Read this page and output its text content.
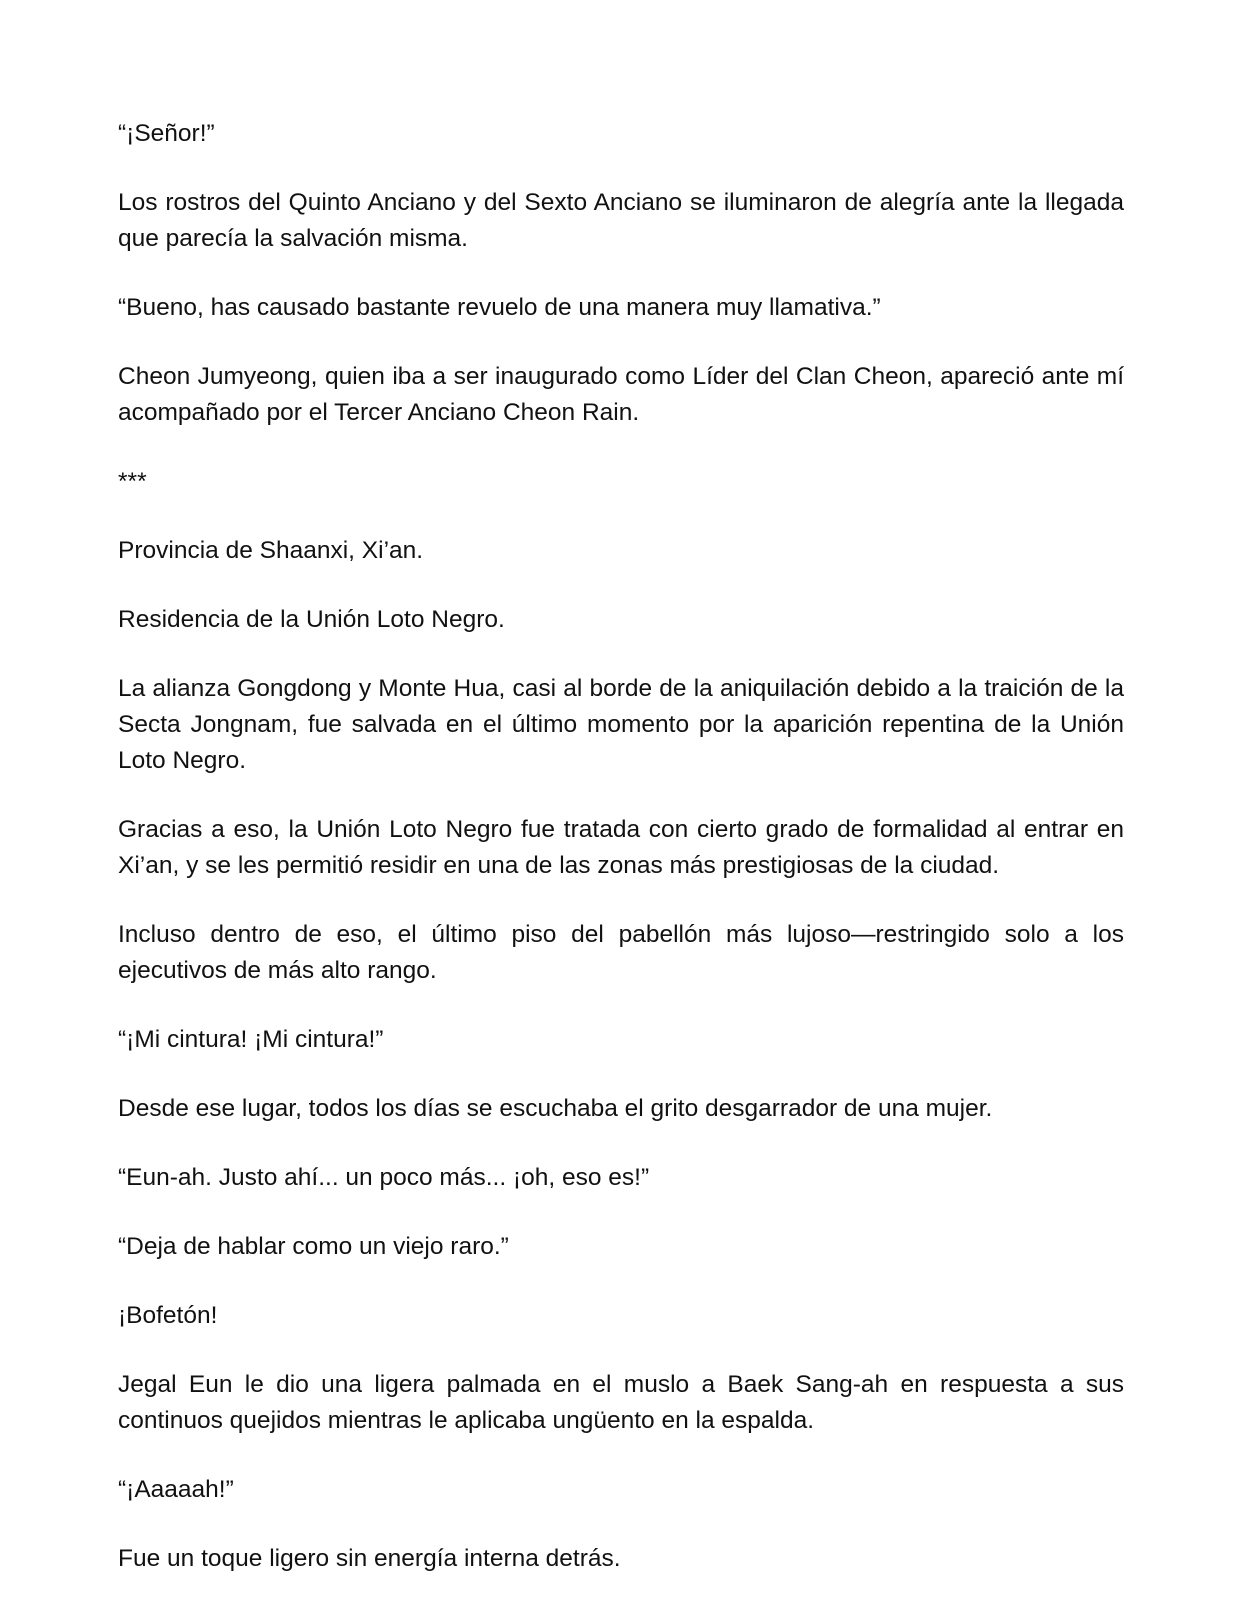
“¡Señor!”

Los rostros del Quinto Anciano y del Sexto Anciano se iluminaron de alegría ante la llegada que parecía la salvación misma.

“Bueno, has causado bastante revuelo de una manera muy llamativa.”

Cheon Jumyeong, quien iba a ser inaugurado como Líder del Clan Cheon, apareció ante mí acompañado por el Tercer Anciano Cheon Rain.

***

Provincia de Shaanxi, Xi’an.

Residencia de la Unión Loto Negro.

La alianza Gongdong y Monte Hua, casi al borde de la aniquilación debido a la traición de la Secta Jongnam, fue salvada en el último momento por la aparición repentina de la Unión Loto Negro.

Gracias a eso, la Unión Loto Negro fue tratada con cierto grado de formalidad al entrar en Xi’an, y se les permitió residir en una de las zonas más prestigiosas de la ciudad.

Incluso dentro de eso, el último piso del pabellón más lujoso—restringido solo a los ejecutivos de más alto rango.

“¡Mi cintura! ¡Mi cintura!”

Desde ese lugar, todos los días se escuchaba el grito desgarrador de una mujer.

“Eun-ah. Justo ahí... un poco más... ¡oh, eso es!”

“Deja de hablar como un viejo raro.”

¡Bofetón!

Jegal Eun le dio una ligera palmada en el muslo a Baek Sang-ah en respuesta a sus continuos quejidos mientras le aplicaba ungüento en la espalda.

“¡Aaaaah!”

Fue un toque ligero sin energía interna detrás.
